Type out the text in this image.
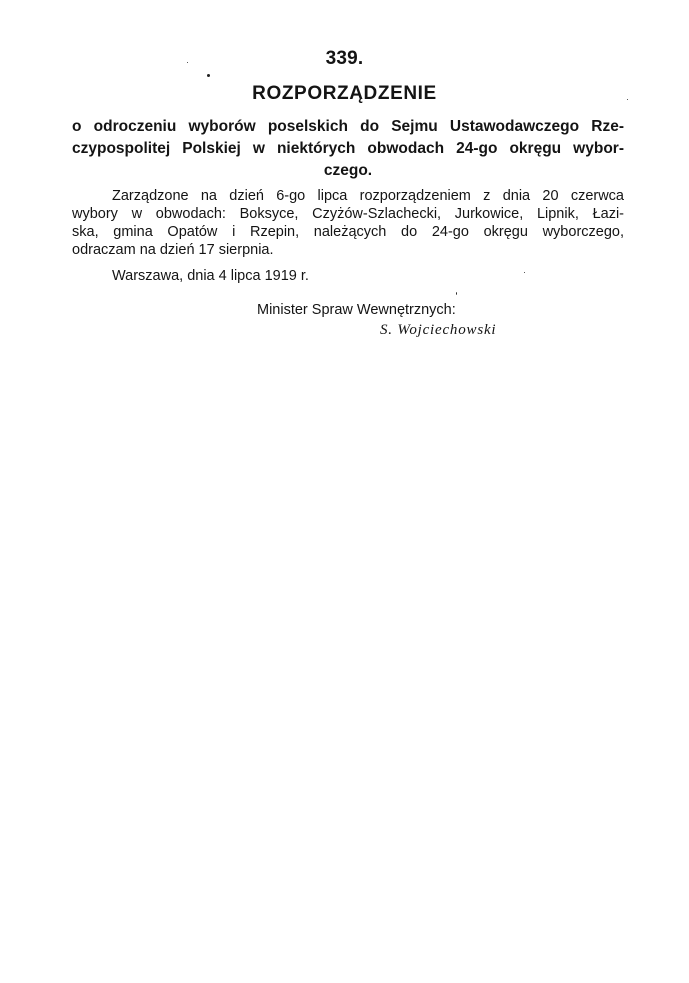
339.
ROZPORZĄDZENIE
o odroczeniu wyborów poselskich do Sejmu Ustawodawczego Rze-
czypospolitej Polskiej w niektórych obwodach 24-go okręgu wybor-
czego.
Zarządzone na dzień 6-go lipca rozporządzeniem z dnia 20 czerwca
wybory w obwodach: Boksyce, Czyżów-Szlachecki, Jurkowice, Lipnik, Łazi-
ska, gmina Opatów i Rzepin, należących do 24-go okręgu wyborczego,
odraczam na dzień 17 sierpnia.
Warszawa, dnia 4 lipca 1919 r.
Minister Spraw Wewnętrznych:
S. Wojciechowski
